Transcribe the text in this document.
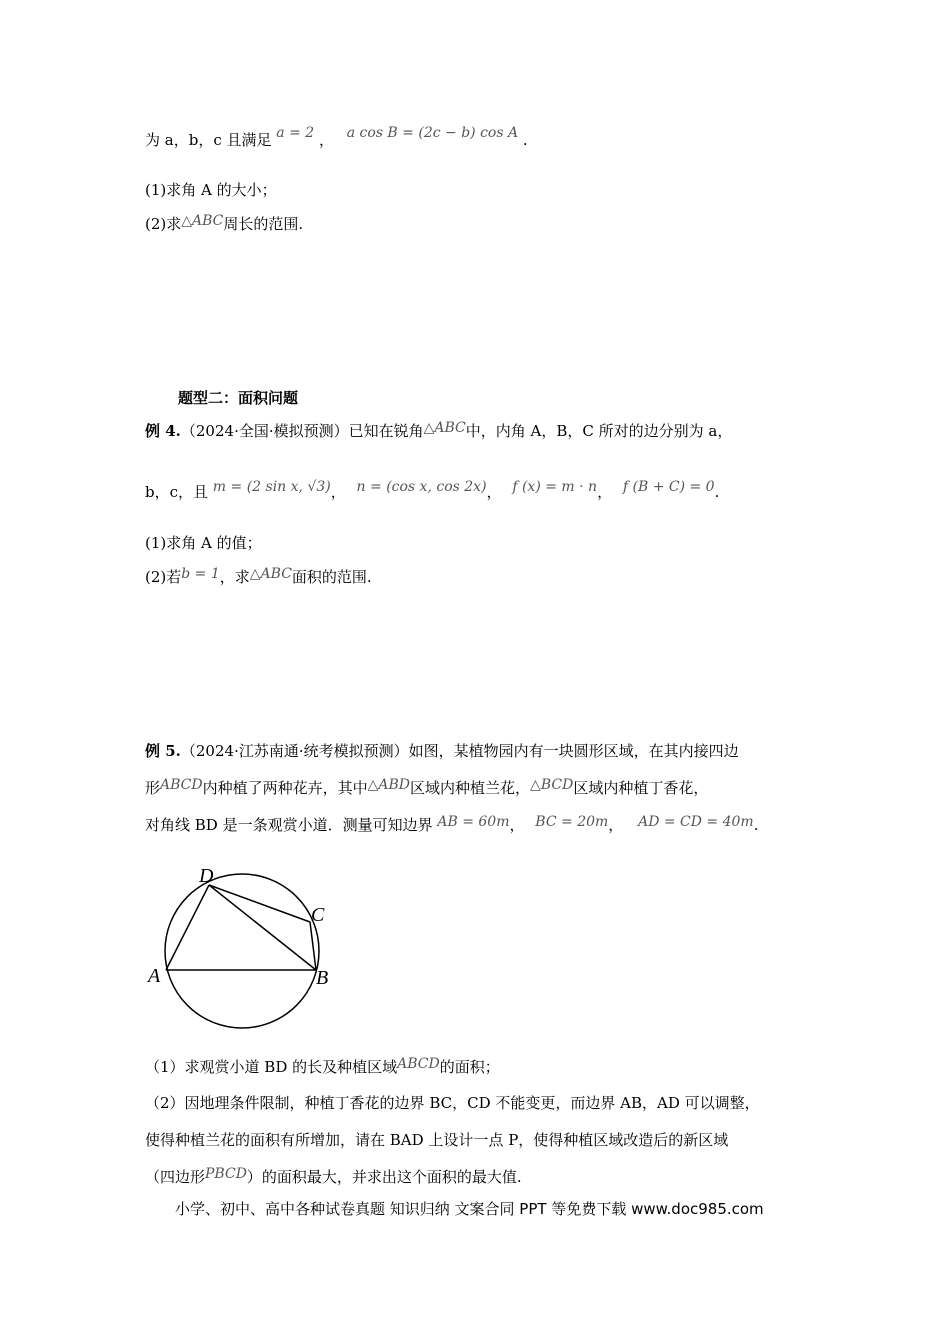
为 a，b，c 且满足 a = 2 ， a cos B = (2c − b) cos A .
(1)求角 A 的大小；
(2)求△ABC周长的范围.
题型二：面积问题
例 4.（2024·全国·模拟预测）已知在锐角△ABC中，内角 A，B，C 所对的边分别为 a，
b，c，且 m = (2 sin x, √3)， n = (cos x, cos 2x)， f (x) = m · n， f (B + C) = 0.
(1)求角 A 的值；
(2)若b = 1，求△ABC面积的范围.
例 5.（2024·江苏南通·统考模拟预测）如图，某植物园内有一块圆形区域，在其内接四边
形ABCD内种植了两种花卉，其中△ABD区域内种植兰花，△BCD区域内种植丁香花，
对角线 BD 是一条观赏小道．测量可知边界 AB = 60m， BC = 20m， AD = CD = 40m.
D
C
A	B
（1）求观赏小道 BD 的长及种植区域ABCD的面积；
（2）因地理条件限制，种植丁香花的边界 BC，CD 不能变更，而边界 AB，AD 可以调整，
使得种植兰花的面积有所增加，请在 BAD 上设计一点 P，使得种植区域改造后的新区域
（四边形PBCD）的面积最大，并求出这个面积的最大值.
小学、初中、高中各种试卷真题 知识归纳 文案合同 PPT 等免费下载 www.doc985.com
